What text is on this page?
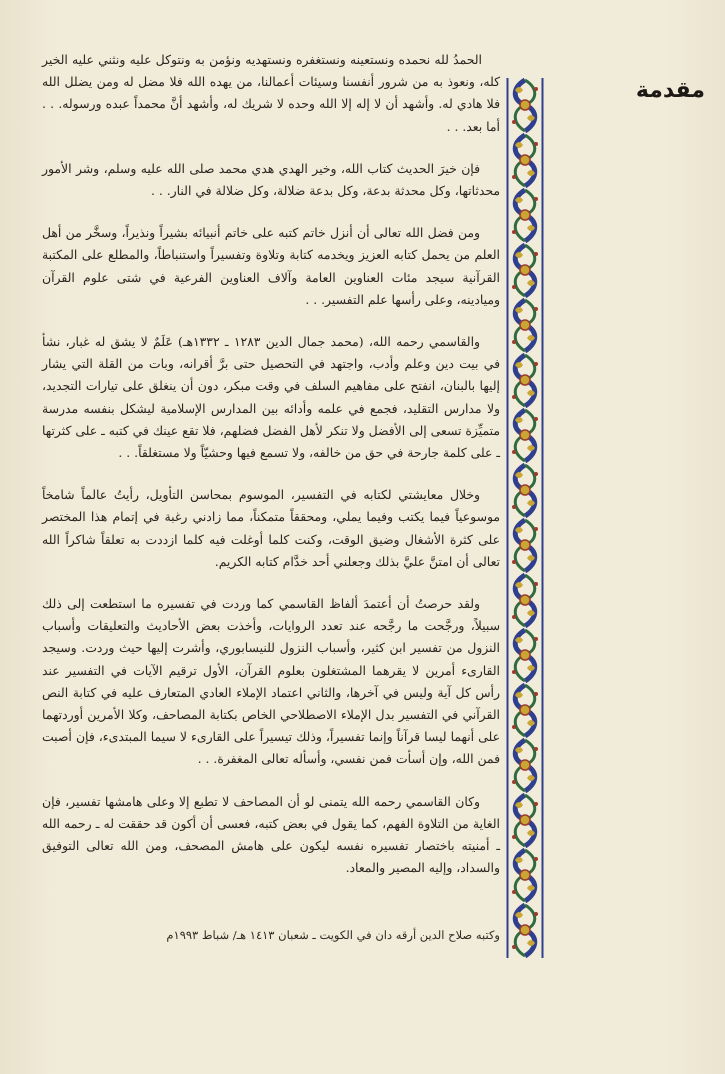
مقدمة

الحمدُ لله نحمده ونستعينه ونستغفره ونستهديه ونؤمن به ونتوكل عليه ونثني عليه الخير كله، ونعوذ به من شرور أنفسنا وسيئات أعمالنا، من يهده الله فلا مضل له ومن يضلل الله فلا هادي له. وأشهد أن لا إله إلا الله وحده لا شريك له، وأشهد أنَّ محمداً عبده ورسوله. . . أما بعد. . .

فإن خيرَ الحديث كتاب الله، وخير الهدي هدي محمد صلى الله عليه وسلم، وشر الأمور محدثاتها، وكل محدثة بدعة، وكل بدعة ضلالة، وكل ضلالة في النار. . .

ومن فضل الله تعالى أن أنزل خاتم كتبه على خاتم أنبيائه بشيراً ونذيراً، وسخَّر من أهل العلم من يحمل كتابه العزيز ويخدمه كتابة وتلاوة وتفسيراً واستنباطاً، والمطلع على المكتبة القرآنية سيجد مئات العناوين العامة وآلاف العناوين الفرعية في شتى علوم القرآن وميادينه، وعلى رأسها علم التفسير. . .

والقاسمي رحمه الله، (محمد جمال الدين ١٢٨٣ ـ ١٣٣٢هـ) عَلَمٌ لا يشق له غبار، نشأ في بيت دين وعلم وأدب، واجتهد في التحصيل حتى برَّ أقرانه، وبات من القلة التي يشار إليها بالبنان، انفتح على مفاهيم السلف في وقت مبكر، دون أن ينغلق على تيارات التجديد، ولا مدارس التقليد، فجمع في علمه وأدائه بين المدارس الإسلامية ليشكل بنفسه مدرسة متميِّزة تسعى إلى الأفضل ولا تنكر لأهل الفضل فضلهم، فلا تقع عينك في كتبه ـ على كثرتها ـ على كلمة جارحة في حق من خالفه، ولا تسمع فيها وحشيّاً ولا مستغلقاً. . .

وخلال معايشتي لكتابه في التفسير، الموسوم بمحاسن التأويل، رأيتُ عالماً شامخاً موسوعياً فيما يكتب وفيما يملي، ومحققاً متمكناً، مما زادني رغبة في إتمام هذا المختصر على كثرة الأشغال وضيق الوقت، وكنت كلما أوغلت فيه كلما ازددت به تعلقاً شاكراً الله تعالى أن امتنَّ عليَّ بذلك وجعلني أحد خدَّام كتابه الكريم.

ولقد حرصتُ أن أعتمدَ ألفاظ القاسمي كما وردت في تفسيره ما استطعت إلى ذلك سبيلاً، ورجَّحت ما رجَّحه عند تعدد الروايات، وأخذت بعض الأحاديث والتعليقات وأسباب النزول من تفسير ابن كثير، وأسباب النزول للنيسابوري، وأشرت إليها حيث وردت. وسيجد القارىء أمرين لا يقرهما المشتغلون بعلوم القرآن، الأول ترقيم الآيات في التفسير عند رأس كل آية وليس في آخرها، والثاني اعتماد الإملاء العادي المتعارف عليه في كتابة النص القرآني في التفسير بدل الإملاء الاصطلاحي الخاص بكتابة المصاحف، وكلا الأمرين أوردتهما على أنهما ليسا قرآناً وإنما تفسيراً، وذلك تيسيراً على القارىء لا سيما المبتدىء، فإن أصبت فمن الله، وإن أسأت فمن نفسي، وأسأله تعالى المغفرة. . .

وكان القاسمي رحمه الله يتمنى لو أن المصاحف لا تطبع إلا وعلى هامشها تفسير، فإن الغاية من التلاوة الفهم، كما يقول في بعض كتبه، فعسى أن أكون قد حققت له ـ رحمه الله ـ أمنيته باختصار تفسيره نفسه ليكون على هامش المصحف، ومن الله تعالى التوفيق والسداد، وإليه المصير والمعاد.

وكتبه صلاح الدين أرقه دان في الكويت ـ شعبان ١٤١٣ هـ/ شباط ١٩٩٣م
